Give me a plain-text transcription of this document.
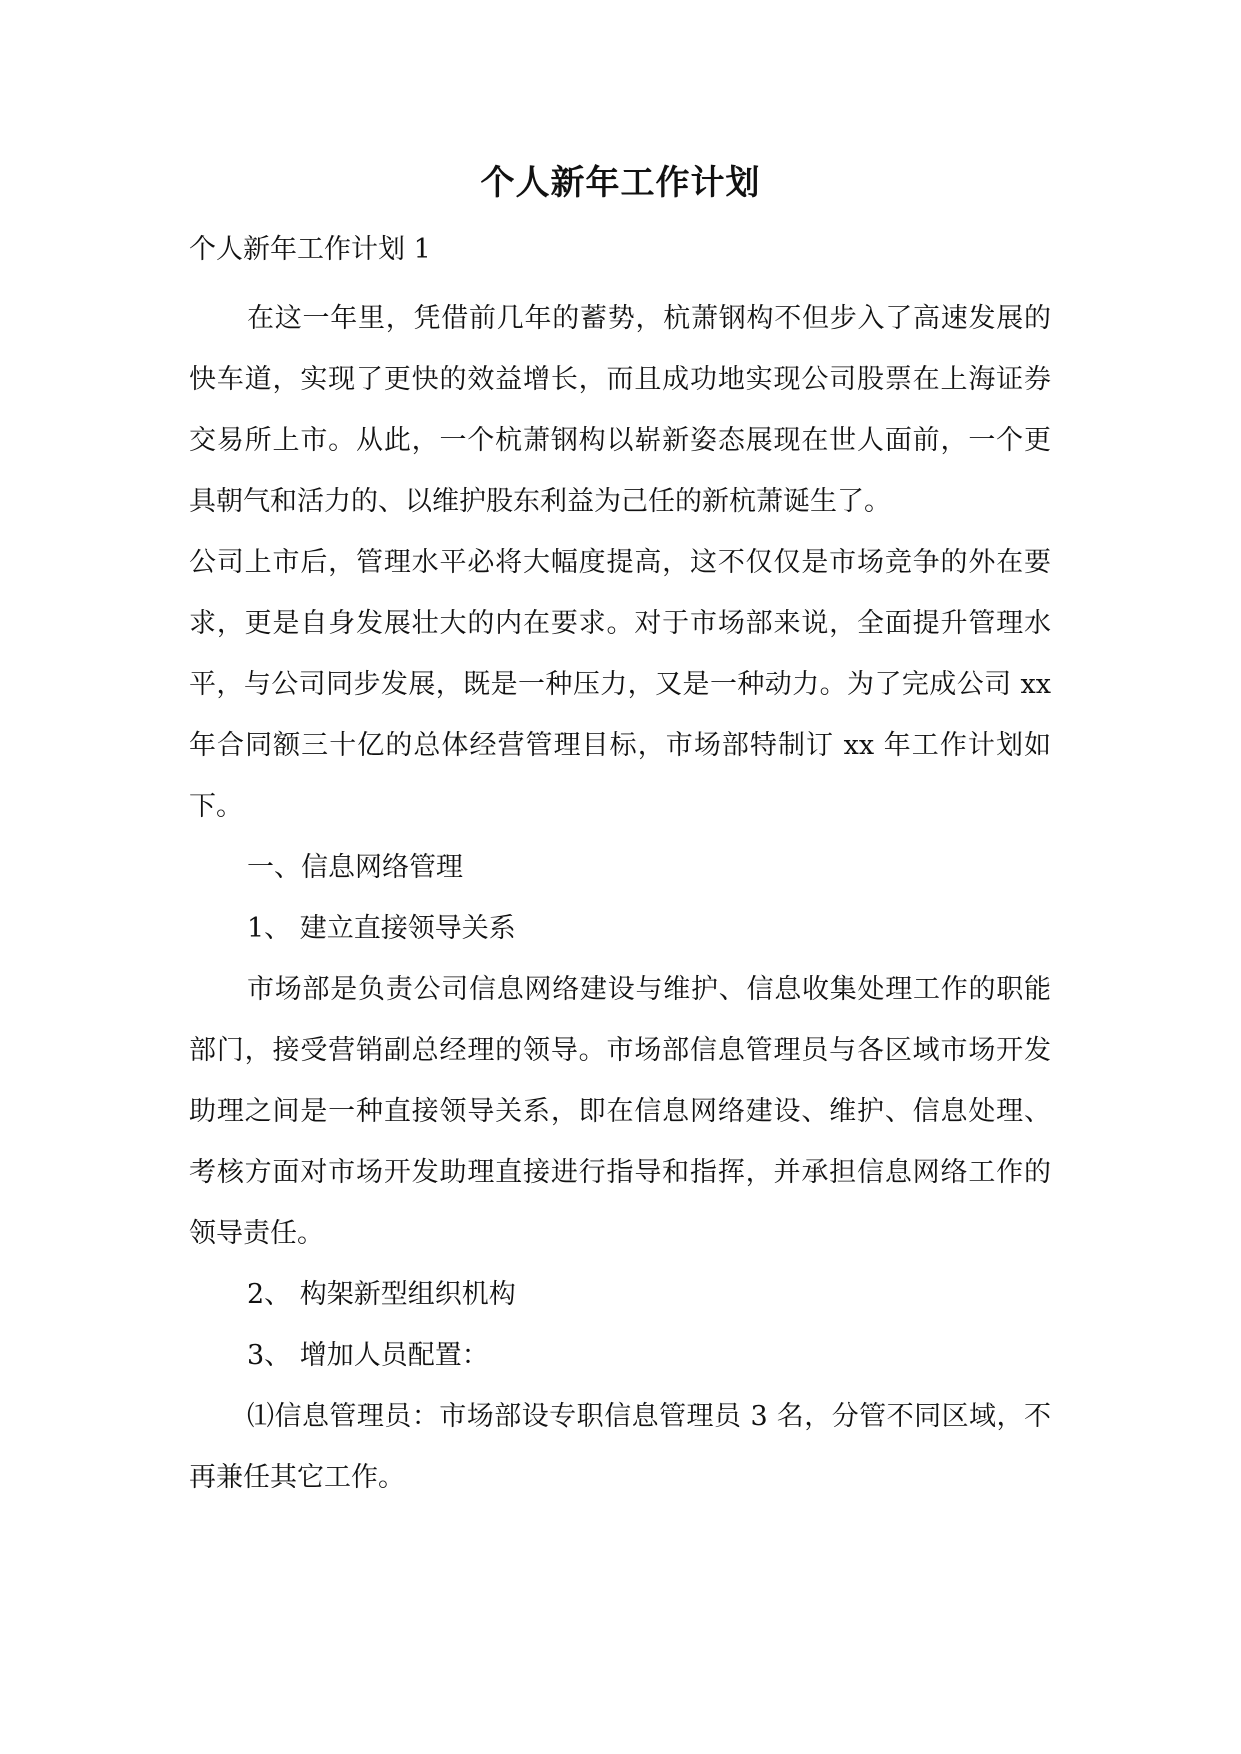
个人新年工作计划
个人新年工作计划 1

在这一年里，凭借前几年的蓄势，杭萧钢构不但步入了高速发展的快车道，实现了更快的效益增长，而且成功地实现公司股票在上海证券交易所上市。从此，一个杭萧钢构以崭新姿态展现在世人面前，一个更具朝气和活力的、以维护股东利益为己任的新杭萧诞生了。

公司上市后，管理水平必将大幅度提高，这不仅仅是市场竞争的外在要求，更是自身发展壮大的内在要求。对于市场部来说，全面提升管理水平，与公司同步发展，既是一种压力，又是一种动力。为了完成公司 xx 年合同额三十亿的总体经营管理目标，市场部特制订 xx 年工作计划如下。

一、信息网络管理

1、 建立直接领导关系

市场部是负责公司信息网络建设与维护、信息收集处理工作的职能部门，接受营销副总经理的领导。市场部信息管理员与各区域市场开发助理之间是一种直接领导关系，即在信息网络建设、维护、信息处理、考核方面对市场开发助理直接进行指导和指挥，并承担信息网络工作的领导责任。

2、 构架新型组织机构

3、 增加人员配置：

⑴信息管理员：市场部设专职信息管理员 3 名，分管不同区域，不再兼任其它工作。
